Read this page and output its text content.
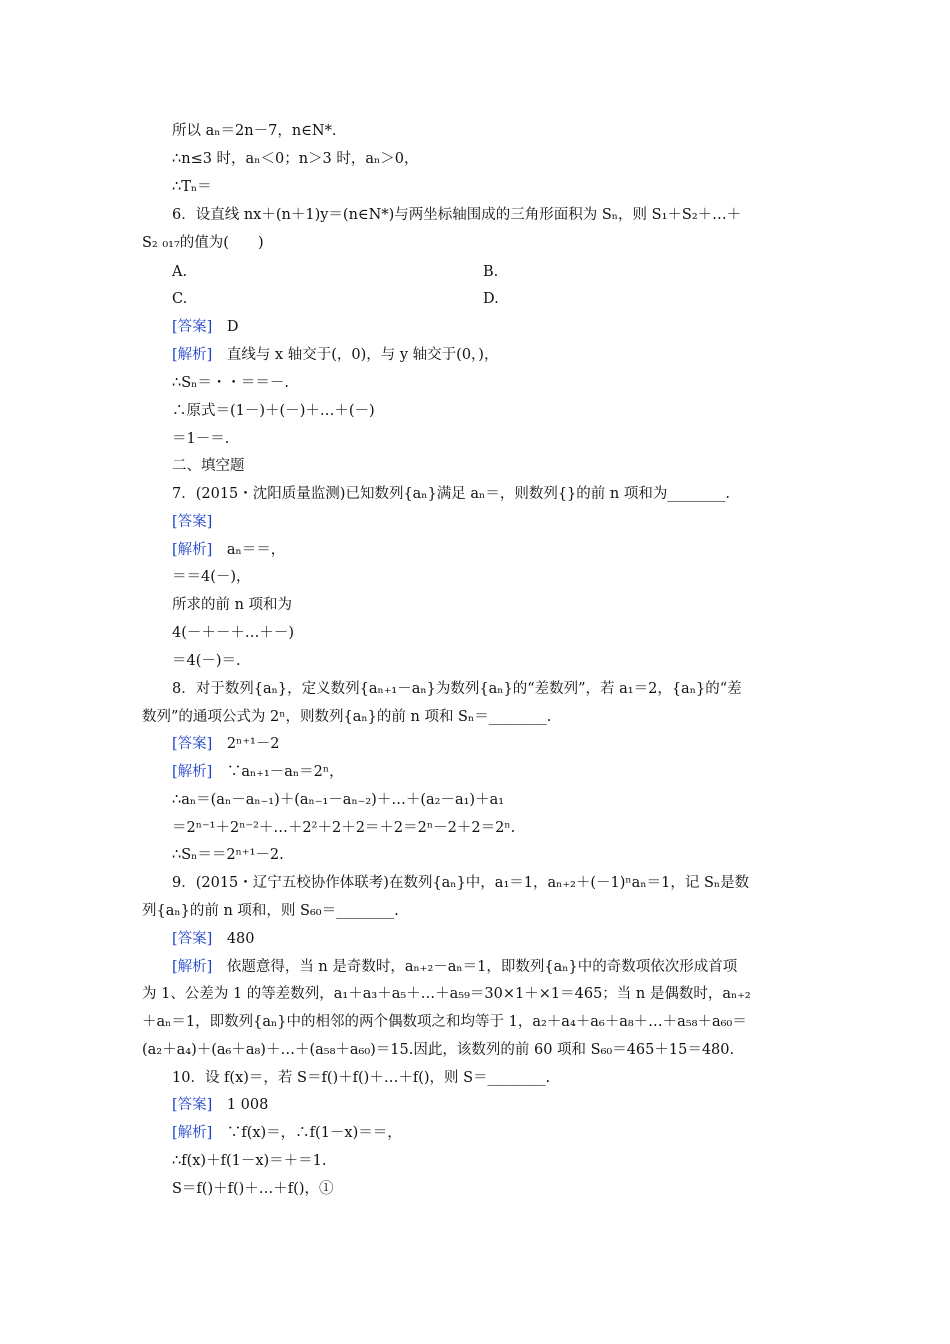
所以 aₙ＝2n－7，n∈N*.
∴n≤3 时，aₙ＜0；n＞3 时，aₙ＞0，
∴Tₙ＝
6．设直线 nx＋(n＋1)y＝(n∈N*)与两坐标轴围成的三角形面积为 Sₙ，则 S₁＋S₂＋…＋
S₂ ₀₁₇的值为(　　)
A.	B.
C.	D.
[答案]　D
[解析]　直线与 x 轴交于(，0)，与 y 轴交于(0，)，
∴Sₙ＝・・＝＝－.
∴原式＝(1－)＋(－)＋…＋(－)
＝1－＝.
二、填空题
7．(2015・沈阳质量监测)已知数列{aₙ}满足 aₙ＝，则数列{}的前 n 项和为________.
[答案]
[解析]　aₙ＝＝，
＝＝4(－)，
所求的前 n 项和为
4(－＋－＋…＋－)
＝4(－)＝.
8．对于数列{aₙ}，定义数列{aₙ₊₁－aₙ}为数列{aₙ}的“差数列”，若 a₁＝2，{aₙ}的“差
数列”的通项公式为 2ⁿ，则数列{aₙ}的前 n 项和 Sₙ＝________.
[答案]　2ⁿ⁺¹－2
[解析]　∵aₙ₊₁－aₙ＝2ⁿ，
∴aₙ＝(aₙ－aₙ₋₁)＋(aₙ₋₁－aₙ₋₂)＋…＋(a₂－a₁)＋a₁
＝2ⁿ⁻¹＋2ⁿ⁻²＋…＋2²＋2＋2＝＋2＝2ⁿ－2＋2＝2ⁿ.
∴Sₙ＝＝2ⁿ⁺¹－2.
9．(2015・辽宁五校协作体联考)在数列{aₙ}中，a₁＝1，aₙ₊₂＋(－1)ⁿaₙ＝1，记 Sₙ是数
列{aₙ}的前 n 项和，则 S₆₀＝________.
[答案]　480
[解析]　依题意得，当 n 是奇数时，aₙ₊₂－aₙ＝1，即数列{aₙ}中的奇数项依次形成首项
为 1、公差为 1 的等差数列，a₁＋a₃＋a₅＋…＋a₅₉＝30×1＋×1＝465；当 n 是偶数时，aₙ₊₂
＋aₙ＝1，即数列{aₙ}中的相邻的两个偶数项之和均等于 1，a₂＋a₄＋a₆＋a₈＋…＋a₅₈＋a₆₀＝
(a₂＋a₄)＋(a₆＋a₈)＋…＋(a₅₈＋a₆₀)＝15.因此，该数列的前 60 项和 S₆₀＝465＋15＝480.
10．设 f(x)＝，若 S＝f()＋f()＋…＋f()，则 S＝________.
[答案]　1 008
[解析]　∵f(x)＝，∴f(1－x)＝＝，
∴f(x)＋f(1－x)＝＋＝1.
S＝f()＋f()＋…＋f()，①
